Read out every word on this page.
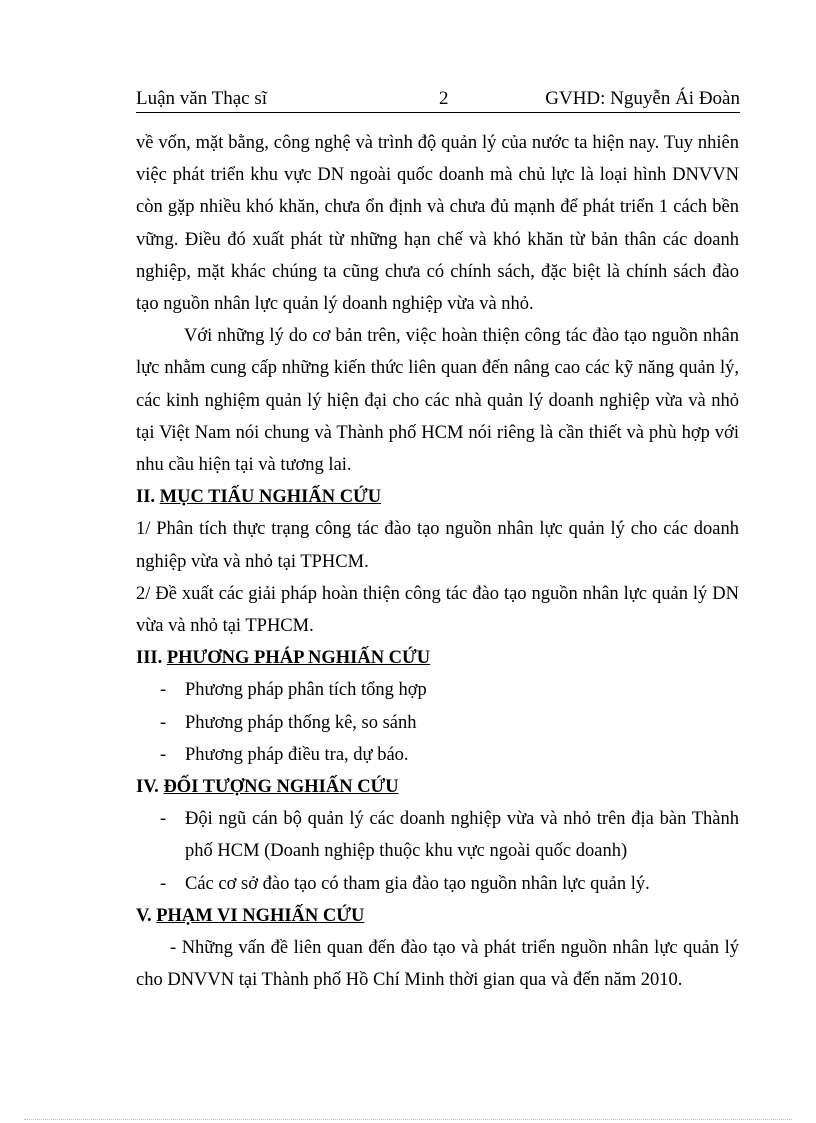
Luận văn Thạc sĩ	2	GVHD: Nguyễn Ái Đoàn

về vốn, mặt bằng, công nghệ và trình độ quản lý của nước ta hiện nay. Tuy nhiên việc phát triển khu vực DN ngoài quốc doanh mà chủ lực là loại hình DNVVN còn gặp nhiều khó khăn, chưa ổn định và chưa đủ mạnh để phát triển 1 cách bền vững. Điều đó xuất phát từ những hạn chế và khó khăn từ bản thân các doanh nghiệp, mặt khác chúng ta cũng chưa có chính sách, đặc biệt là chính sách đào tạo nguồn nhân lực quản lý doanh nghiệp vừa và nhỏ.

Với những lý do cơ bản trên, việc hoàn thiện công tác đào tạo nguồn nhân lực nhằm cung cấp những kiến thức liên quan đến nâng cao các kỹ năng quản lý, các kinh nghiệm quản lý hiện đại cho các nhà quản lý doanh nghiệp vừa và nhỏ tại Việt Nam nói chung và Thành phố HCM nói riêng là cần thiết và phù hợp với nhu cầu hiện tại và tương lai.

II. MỤC TIẤU NGHIẤN CỨU

1/ Phân tích thực trạng công tác đào tạo nguồn nhân lực quản lý cho các doanh nghiệp vừa và nhỏ tại TPHCM.

2/ Đề xuất các giải pháp hoàn thiện công tác đào tạo nguồn nhân lực quản lý DN vừa và nhỏ tại TPHCM.

III. PHƯƠNG PHÁP NGHIẤN CỨU
- Phương pháp phân tích tổng hợp
- Phương pháp thống kê, so sánh
- Phương pháp điều tra, dự báo.
IV. ĐỐI TƯỢNG NGHIẤN CỨU
- Đội ngũ cán bộ quản lý các doanh nghiệp vừa và nhỏ trên địa bàn Thành phố HCM (Doanh nghiệp thuộc khu vực ngoài quốc doanh)
- Các cơ sở đào tạo có tham gia đào tạo nguồn nhân lực quản lý.
V. PHẠM VI NGHIẤN CỨU

- Những vấn đề liên quan đến đào tạo và phát triển nguồn nhân lực quản lý cho DNVVN tại Thành phố Hồ Chí Minh thời gian qua và đến năm 2010.
